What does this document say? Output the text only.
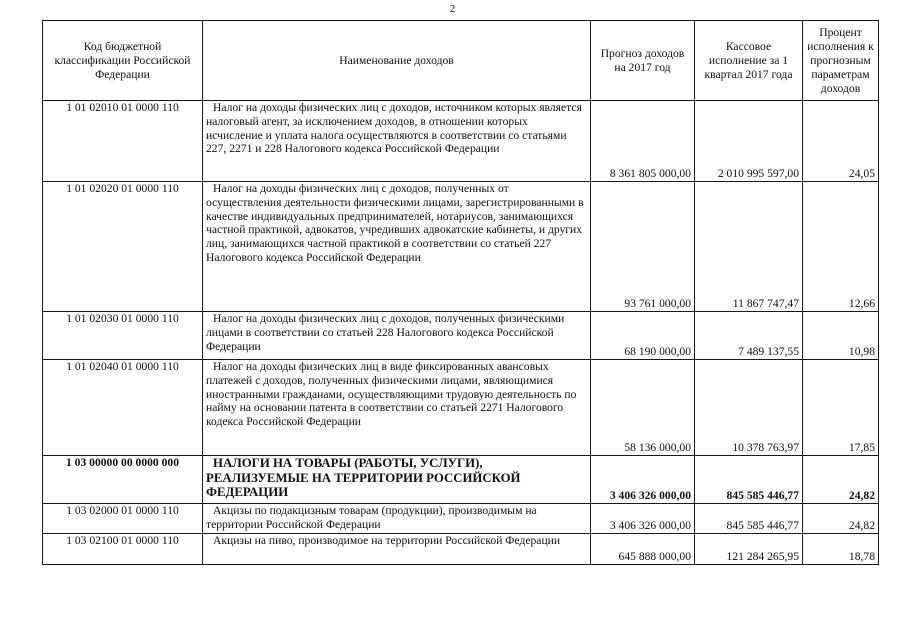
2
Код бюджетной классификации Российской Федерации	Наименование доходов	Прогноз доходов на 2017 год	Кассовое исполнение за 1 квартал 2017 года	Процент исполнения к прогнозным параметрам доходов
1 01 02010 01 0000 110	Налог на доходы физических лиц с доходов, источником которых является налоговый агент, за исключением доходов, в отношении которых исчисление и уплата налога осуществляются в соответствии со статьями 227, 2271 и 228 Налогового кодекса Российской Федерации	8 361 805 000,00	2 010 995 597,00	24,05
1 01 02020 01 0000 110	Налог на доходы физических лиц с доходов, полученных от осуществления деятельности физическими лицами, зарегистрированными в качестве индивидуальных предпринимателей, нотариусов, занимающихся частной практикой, адвокатов, учредивших адвокатские кабинеты, и других лиц, занимающихся частной практикой в соответствии со статьей 227 Налогового кодекса Российской Федерации	93 761 000,00	11 867 747,47	12,66
1 01 02030 01 0000 110	Налог на доходы физических лиц с доходов, полученных физическими лицами в соответствии со статьей 228 Налогового кодекса Российской Федерации	68 190 000,00	7 489 137,55	10,98
1 01 02040 01 0000 110	Налог на доходы физических лиц в виде фиксированных авансовых платежей с доходов, полученных физическими лицами, являющимися иностранными гражданами, осуществляющими трудовую деятельность по найму на основании патента в соответствии со статьей 2271 Налогового кодекса Российской Федерации	58 136 000,00	10 378 763,97	17,85
1 03 00000 00 0000 000	НАЛОГИ НА ТОВАРЫ (РАБОТЫ, УСЛУГИ), РЕАЛИЗУЕМЫЕ НА ТЕРРИТОРИИ РОССИЙСКОЙ ФЕДЕРАЦИИ	3 406 326 000,00	845 585 446,77	24,82
1 03 02000 01 0000 110	Акцизы по подакцизным товарам (продукции), производимым на территории Российской Федерации	3 406 326 000,00	845 585 446,77	24,82
1 03 02100 01 0000 110	Акцизы на пиво, производимое на территории Российской Федерации	645 888 000,00	121 284 265,95	18,78
